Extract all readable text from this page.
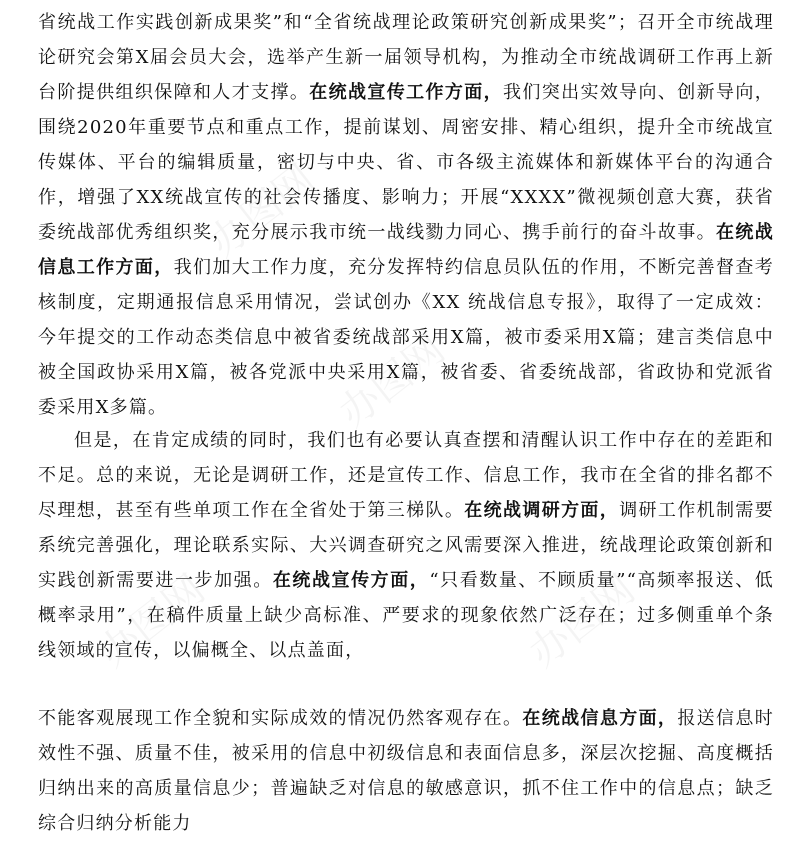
省统战工作实践创新成果奖”和“全省统战理论政策研究创新成果奖”；召开全市统战理论研究会第X届会员大会，选举产生新一届领导机构，为推动全市统战调研工作再上新台阶提供组织保障和人才支撑。在统战宣传工作方面，我们突出实效导向、创新导向，围绕2020年重要节点和重点工作，提前谋划、周密安排、精心组织，提升全市统战宣传媒体、平台的编辑质量，密切与中央、省、市各级主流媒体和新媒体平台的沟通合作，增强了XX统战宣传的社会传播度、影响力；开展“XXXX”微视频创意大赛，获省委统战部优秀组织奖，充分展示我市统一战线勠力同心、携手前行的奋斗故事。在统战信息工作方面，我们加大工作力度，充分发挥特约信息员队伍的作用，不断完善督查考核制度，定期通报信息采用情况，尝试创办《XX 统战信息专报》，取得了一定成效：今年提交的工作动态类信息中被省委统战部采用X篇，被市委采用X篇；建言类信息中被全国政协采用X篇，被各党派中央采用X篇，被省委、省委统战部，省政协和党派省委采用X多篇。

但是，在肯定成绩的同时，我们也有必要认真查摆和清醒认识工作中存在的差距和不足。总的来说，无论是调研工作，还是宣传工作、信息工作，我市在全省的排名都不尽理想，甚至有些单项工作在全省处于第三梯队。在统战调研方面，调研工作机制需要系统完善强化，理论联系实际、大兴调查研究之风需要深入推进，统战理论政策创新和实践创新需要进一步加强。在统战宣传方面，“只看数量、不顾质量”“高频率报送、低概率录用”，在稿件质量上缺少高标准、严要求的现象依然广泛存在；过多侧重单个条线领域的宣传，以偏概全、以点盖面，

不能客观展现工作全貌和实际成效的情况仍然客观存在。在统战信息方面，报送信息时效性不强、质量不佳，被采用的信息中初级信息和表面信息多，深层次挖掘、高度概括归纳出来的高质量信息少；普遍缺乏对信息的敏感意识，抓不住工作中的信息点；缺乏综合归纳分析能力
